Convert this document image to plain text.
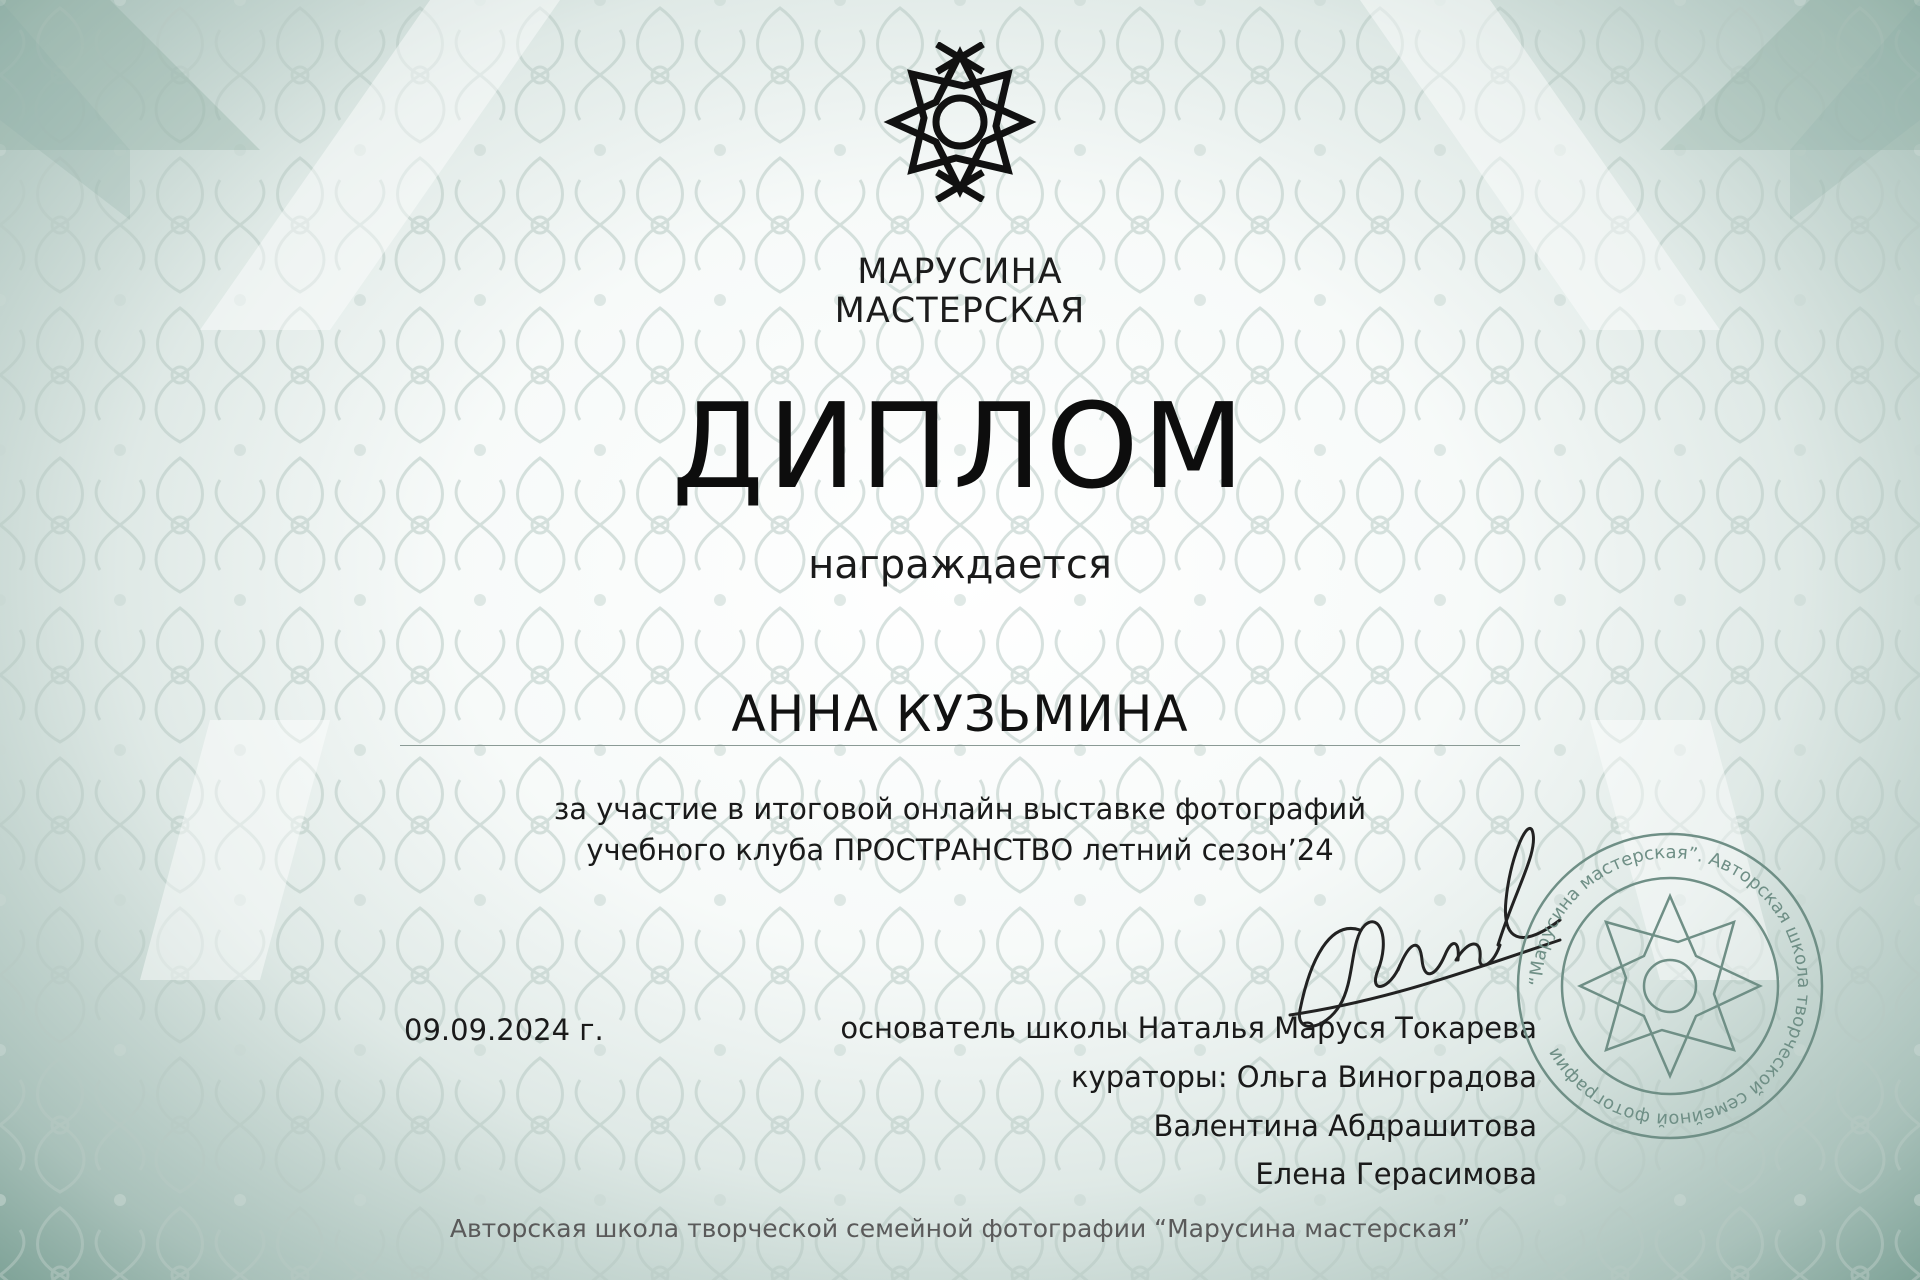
МАРУСИНА
МАСТЕРСКАЯ
ДИПЛОМ
награждается
АННА КУЗЬМИНА
за участие в итоговой онлайн выставке фотографий
учебного клуба ПРОСТРАНСТВО летний сезон’24
09.09.2024 г.	основатель школы Наталья Маруся Токарева
кураторы: Ольга Виноградова
Валентина Абдрашитова
Елена Герасимова
“Марусина мастерская”. Авторская школа творческой семейной фотографии
Авторская школа творческой семейной фотографии “Марусина мастерская”
